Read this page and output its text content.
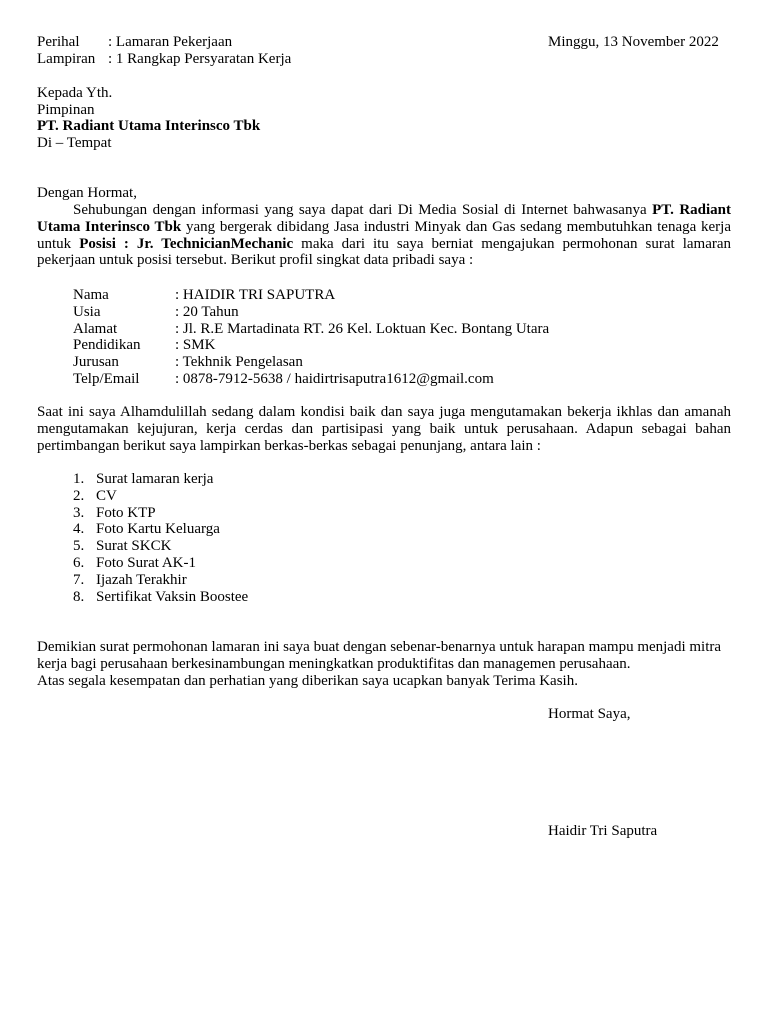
Perihal : Lamaran Pekerjaan
Lampiran : 1 Rangkap Persyaratan Kerja
Minggu, 13 November 2022
Kepada Yth.
Pimpinan
PT. Radiant Utama Interinsco Tbk
Di – Tempat
Dengan Hormat,
Sehubungan dengan informasi yang saya dapat dari Di Media Sosial di Internet bahwasanya PT. Radiant
Utama Interinsco Tbk yang bergerak dibidang Jasa industri Minyak dan Gas sedang membutuhkan tenaga kerja
untuk Posisi : Jr. TechnicianMechanic maka dari itu saya berniat mengajukan permohonan surat lamaran
pekerjaan untuk posisi tersebut. Berikut profil singkat data pribadi saya :
Nama	: HAIDIR TRI SAPUTRA
Usia	: 20 Tahun
Alamat	: Jl. R.E Martadinata RT. 26 Kel. Loktuan Kec. Bontang Utara
Pendidikan : SMK
Jurusan	: Tekhnik Pengelasan
Telp/Email : 0878-7912-5638 / haidirtrisaputra1612@gmail.com
Saat ini saya Alhamdulillah sedang dalam kondisi baik dan saya juga mengutamakan bekerja ikhlas dan amanah
mengutamakan kejujuran, kerja cerdas dan partisipasi yang baik untuk perusahaan. Adapun sebagai bahan
pertimbangan berikut saya lampirkan berkas-berkas sebagai penunjang, antara lain :
1. Surat lamaran kerja
2. CV
3. Foto KTP
4. Foto Kartu Keluarga
5. Surat SKCK
6. Foto Surat AK-1
7. Ijazah Terakhir
8. Sertifikat Vaksin Boostee
Demikian surat permohonan lamaran ini saya buat dengan sebenar-benarnya untuk harapan mampu menjadi mitra
kerja bagi perusahaan berkesinambungan meningkatkan produktifitas dan managemen perusahaan.
Atas segala kesempatan dan perhatian yang diberikan saya ucapkan banyak Terima Kasih.
Hormat Saya,
Haidir Tri Saputra
